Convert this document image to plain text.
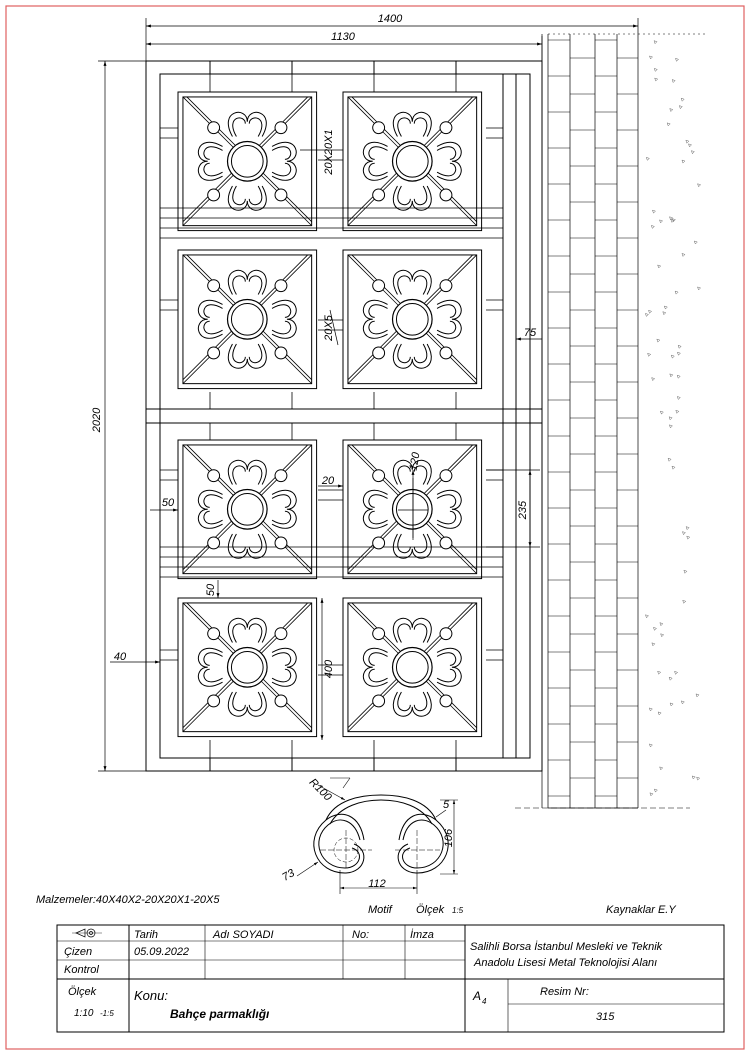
1400
1130
2020
75
235
120
20
50
50
40
400
20X20X1
20X5
R100
5
106
112
73
Malzemeler:40X40X2-20X20X1-20X5
Motif Ölçek 1:5	Kaynaklar E.Y
Tarih	Adı SOYADI	No:	İmza
Çizen	05.09.2022
Kontrol
Ölçek
1:10 -1:5
Konu:
Bahçe parmaklığı
Salihli Borsa İstanbul Mesleki ve Teknik
Anadolu Lisesi Metal Teknolojisi Alanı
A 4
Resim Nr:
315
